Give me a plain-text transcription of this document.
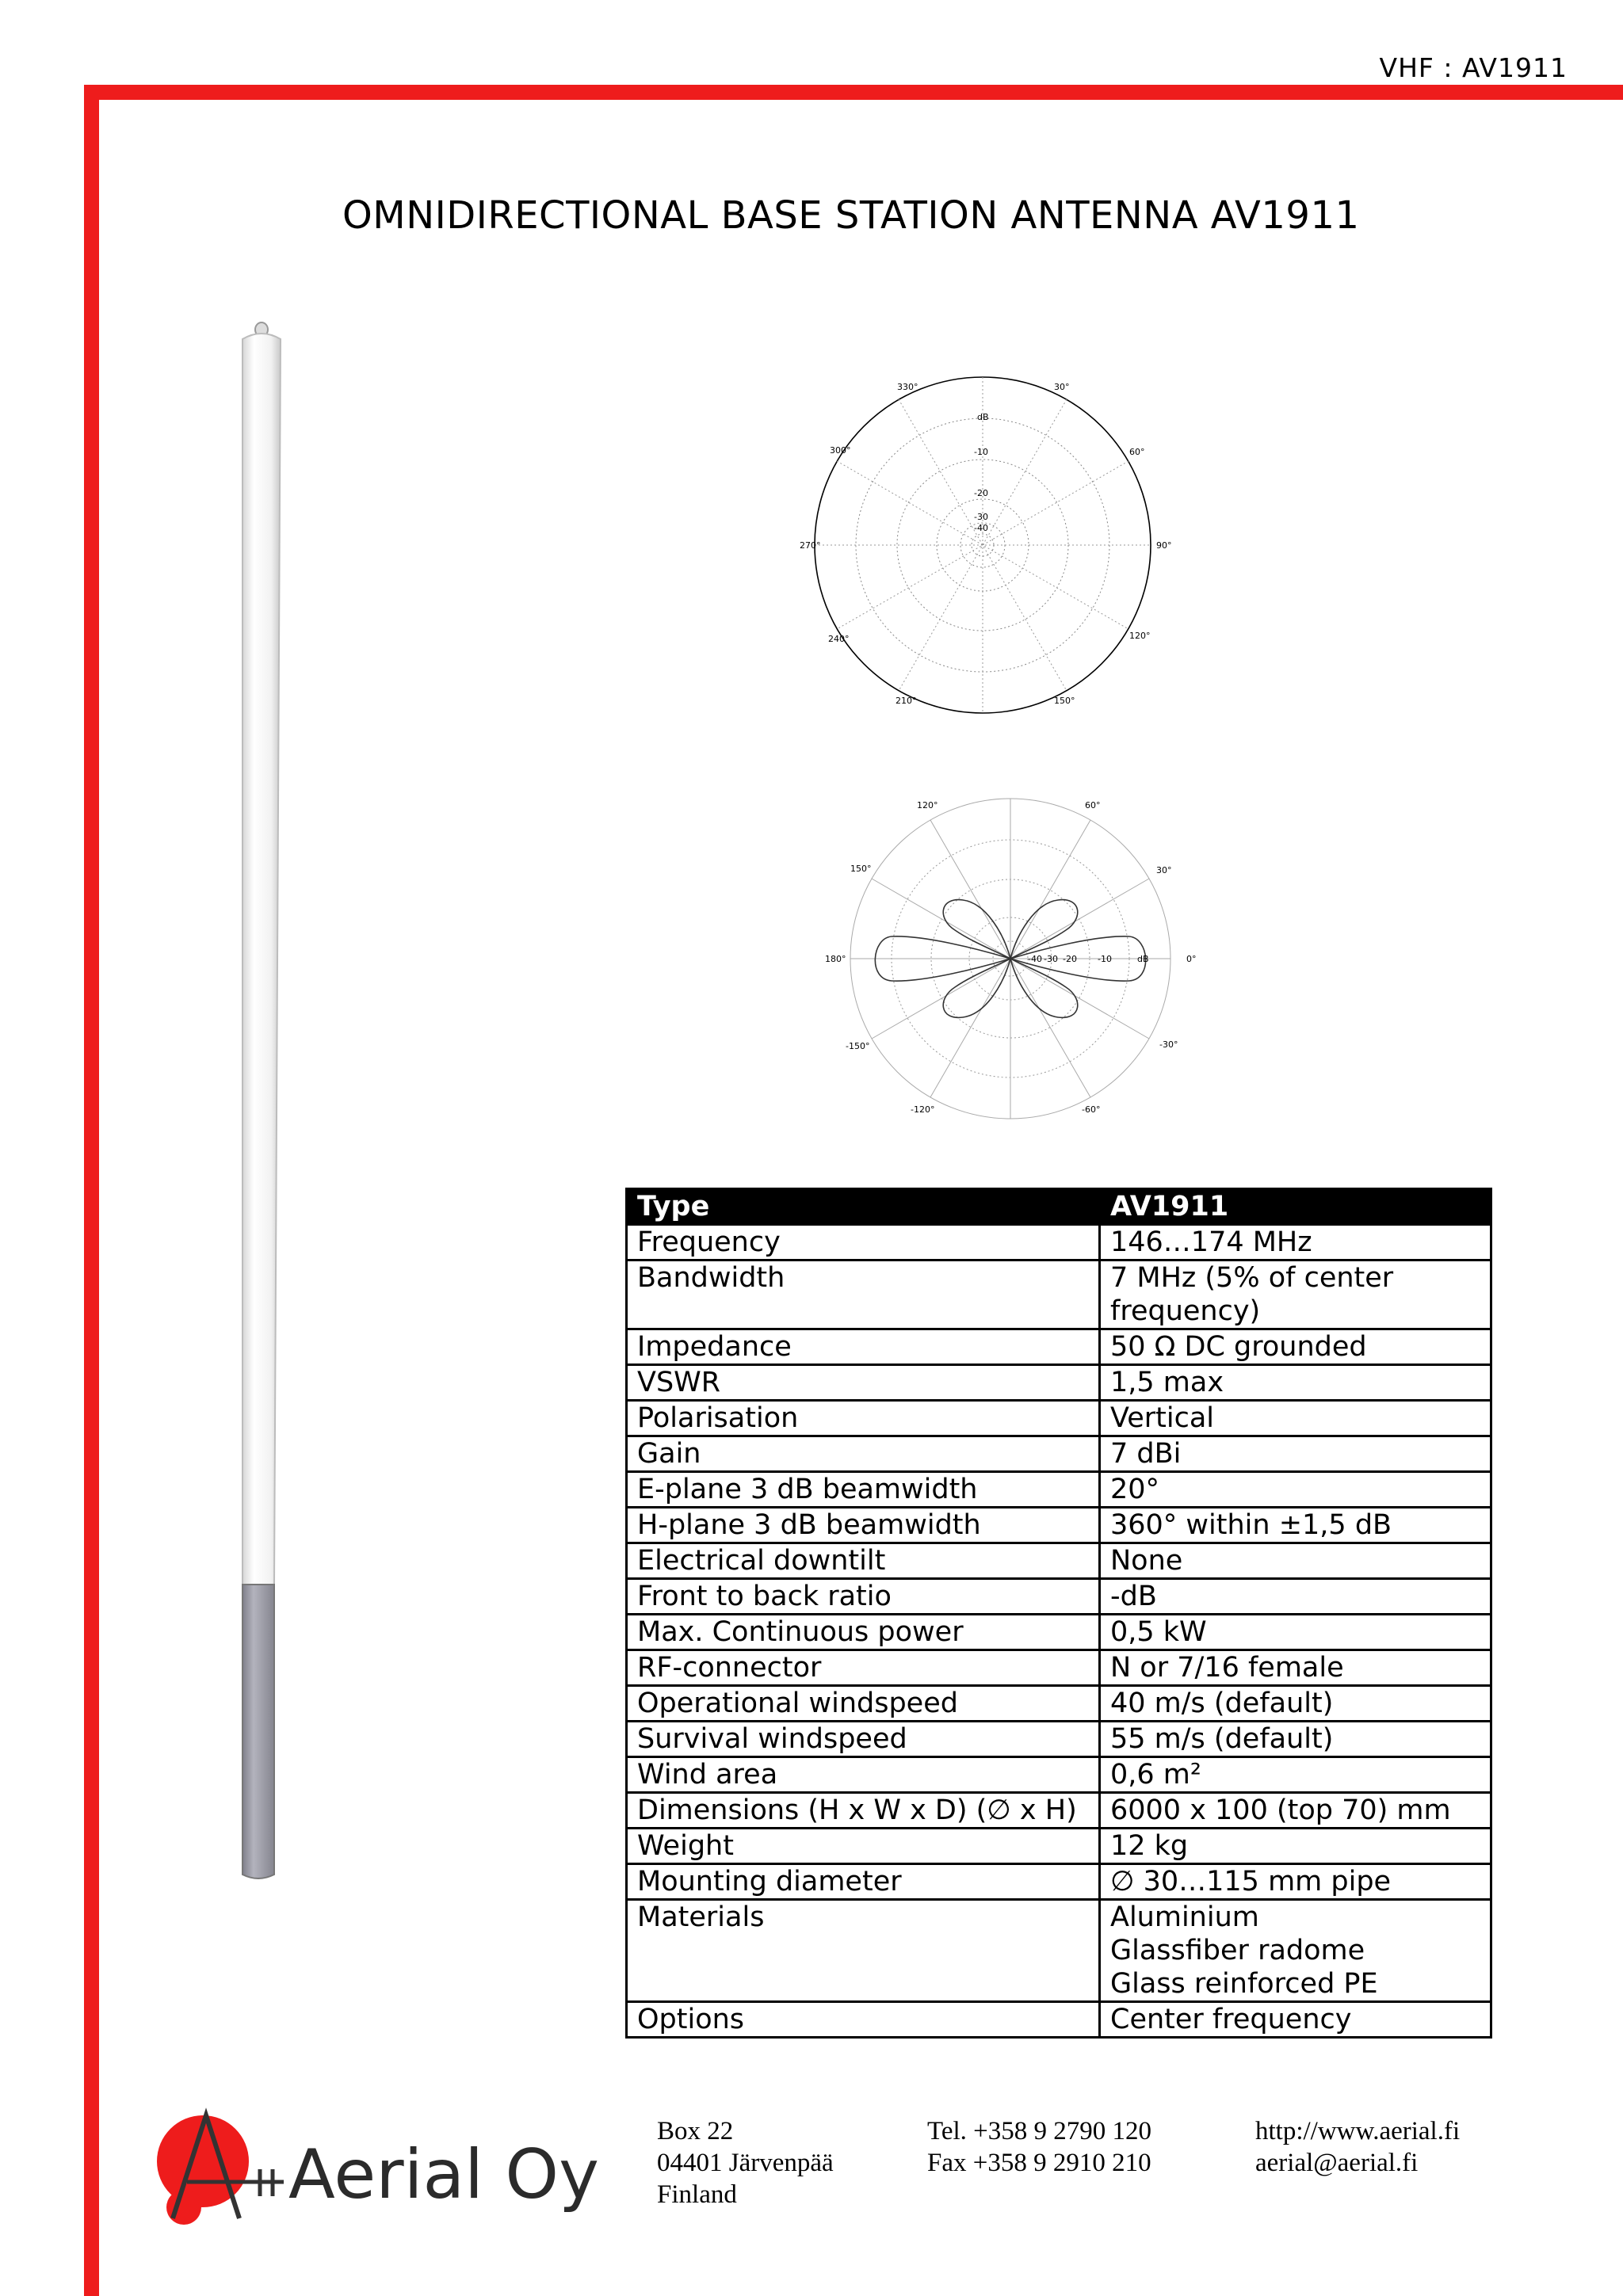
VHF : AV1911
OMNIDIRECTIONAL BASE STATION ANTENNA AV1911
330°	30°
300°	60°
270°	90°
240°	120°
210°	150°
dB
-10
-20
-30
-40
120°	60°
150°	30°
180°	0°
-150°	-30°
-120°	-60°
-40 -30 -20 -10	dB
Type	AV1911
Frequency	146…174 MHz

Bandwidth	7 MHz (5% of center
frequency)

Impedance	50 Ω DC grounded

VSWR	1,5 max

Polarisation	Vertical

Gain	7 dBi

E-plane 3 dB beamwidth	20°

H-plane 3 dB beamwidth	360° within ±1,5 dB

Electrical downtilt	None

Front to back ratio	-dB

Max. Continuous power	0,5 kW

RF-connector	N or 7/16 female

Operational windspeed	40 m/s (default)

Survival windspeed	55 m/s (default)

Wind area	0,6 m²

Dimensions (H x W x D) (∅ x H)	6000 x 100 (top 70) mm

Weight	12 kg

Mounting diameter	∅ 30…115 mm pipe

Materials	Aluminium
Glassfiber radome
Glass reinforced PE

Options	Center frequency
Aerial Oy
Box 22
04401 Järvenpää
Finland
Tel. +358 9 2790 120
Fax +358 9 2910 210
http://www.aerial.fi
aerial@aerial.fi
